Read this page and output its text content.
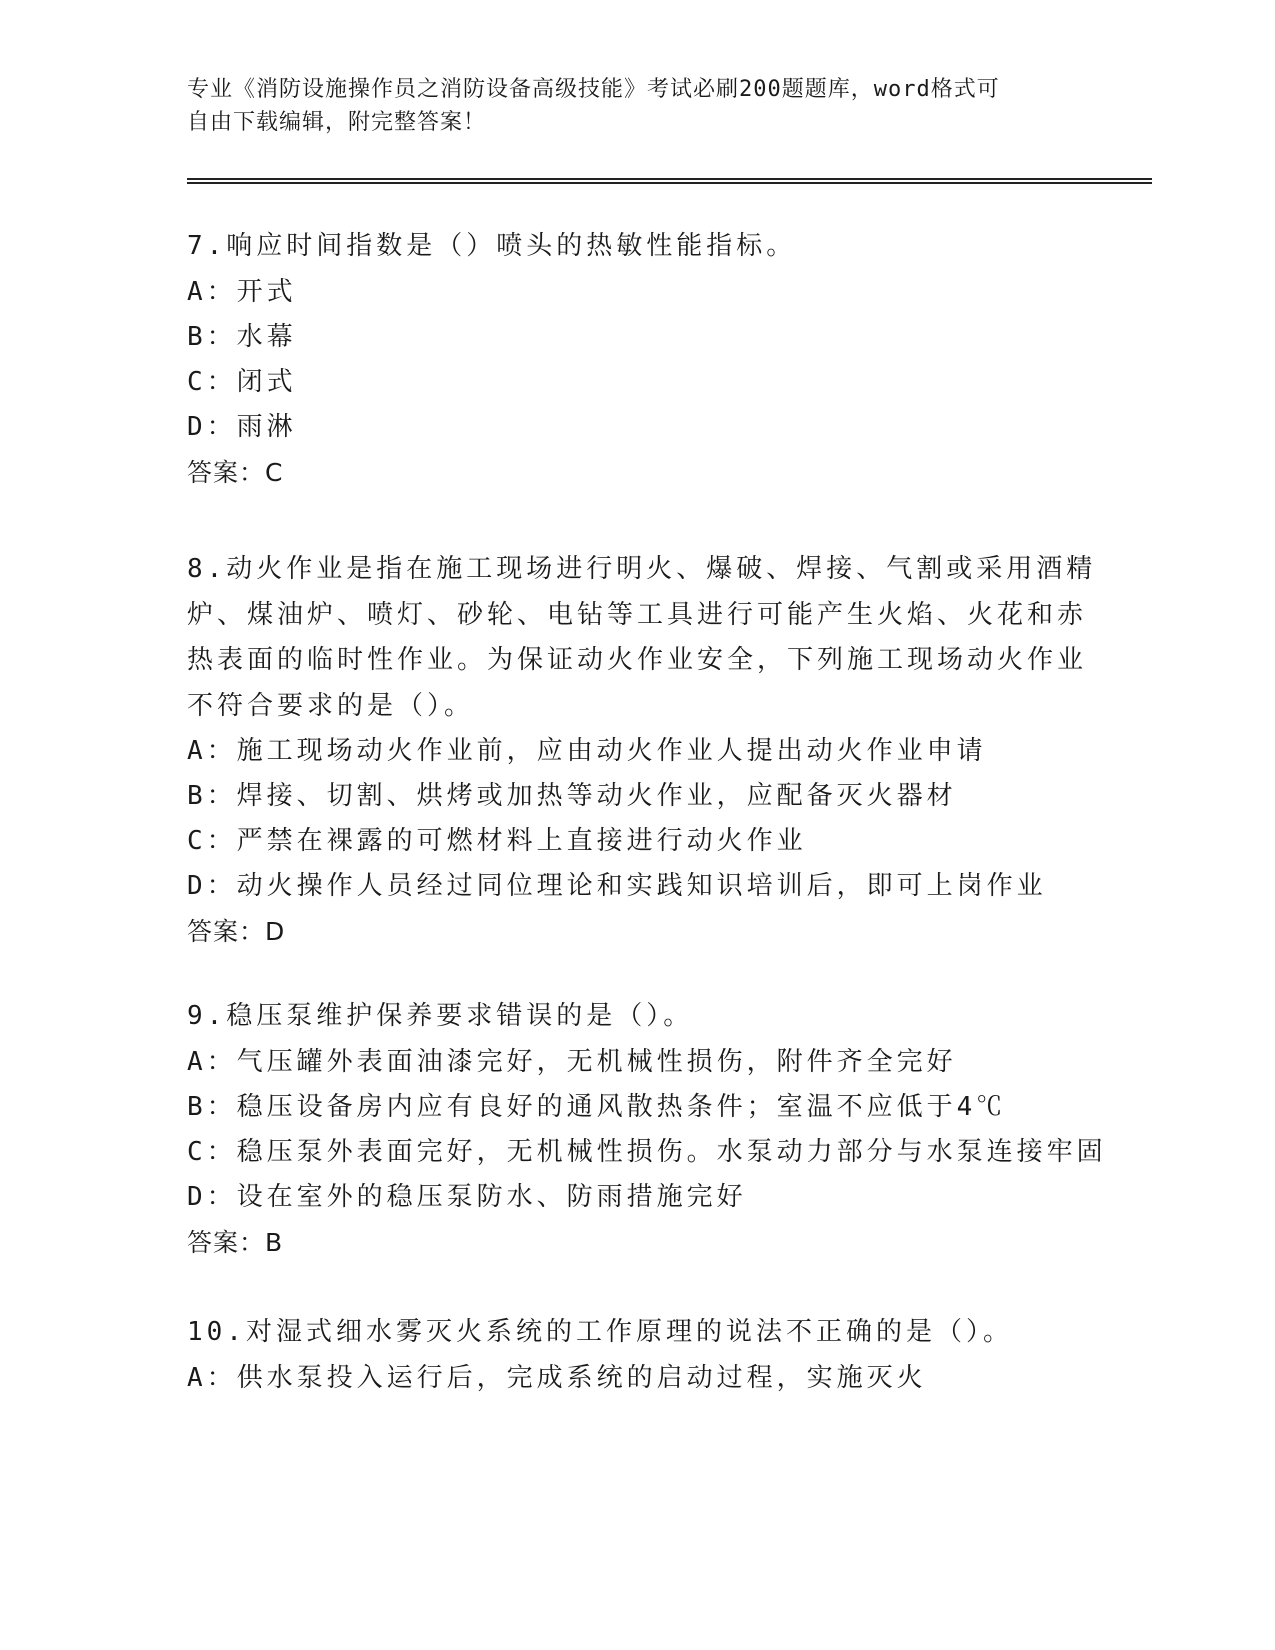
专业《消防设施操作员之消防设备高级技能》考试必刷200题题库，word格式可
自由下载编辑，附完整答案！
7.响应时间指数是（）喷头的热敏性能指标。
A：开式
B：水幕
C：闭式
D：雨淋
答案：C
8.动火作业是指在施工现场进行明火、爆破、焊接、气割或采用酒精
炉、煤油炉、喷灯、砂轮、电钻等工具进行可能产生火焰、火花和赤
热表面的临时性作业。为保证动火作业安全，下列施工现场动火作业
不符合要求的是（）。
A：施工现场动火作业前，应由动火作业人提出动火作业申请
B：焊接、切割、烘烤或加热等动火作业，应配备灭火器材
C：严禁在裸露的可燃材料上直接进行动火作业
D：动火操作人员经过同位理论和实践知识培训后，即可上岗作业
答案：D
9.稳压泵维护保养要求错误的是（）。
A：气压罐外表面油漆完好，无机械性损伤，附件齐全完好
B：稳压设备房内应有良好的通风散热条件；室温不应低于4℃
C：稳压泵外表面完好，无机械性损伤。水泵动力部分与水泵连接牢固
D：设在室外的稳压泵防水、防雨措施完好
答案：B
10.对湿式细水雾灭火系统的工作原理的说法不正确的是（）。
A：供水泵投入运行后，完成系统的启动过程，实施灭火
